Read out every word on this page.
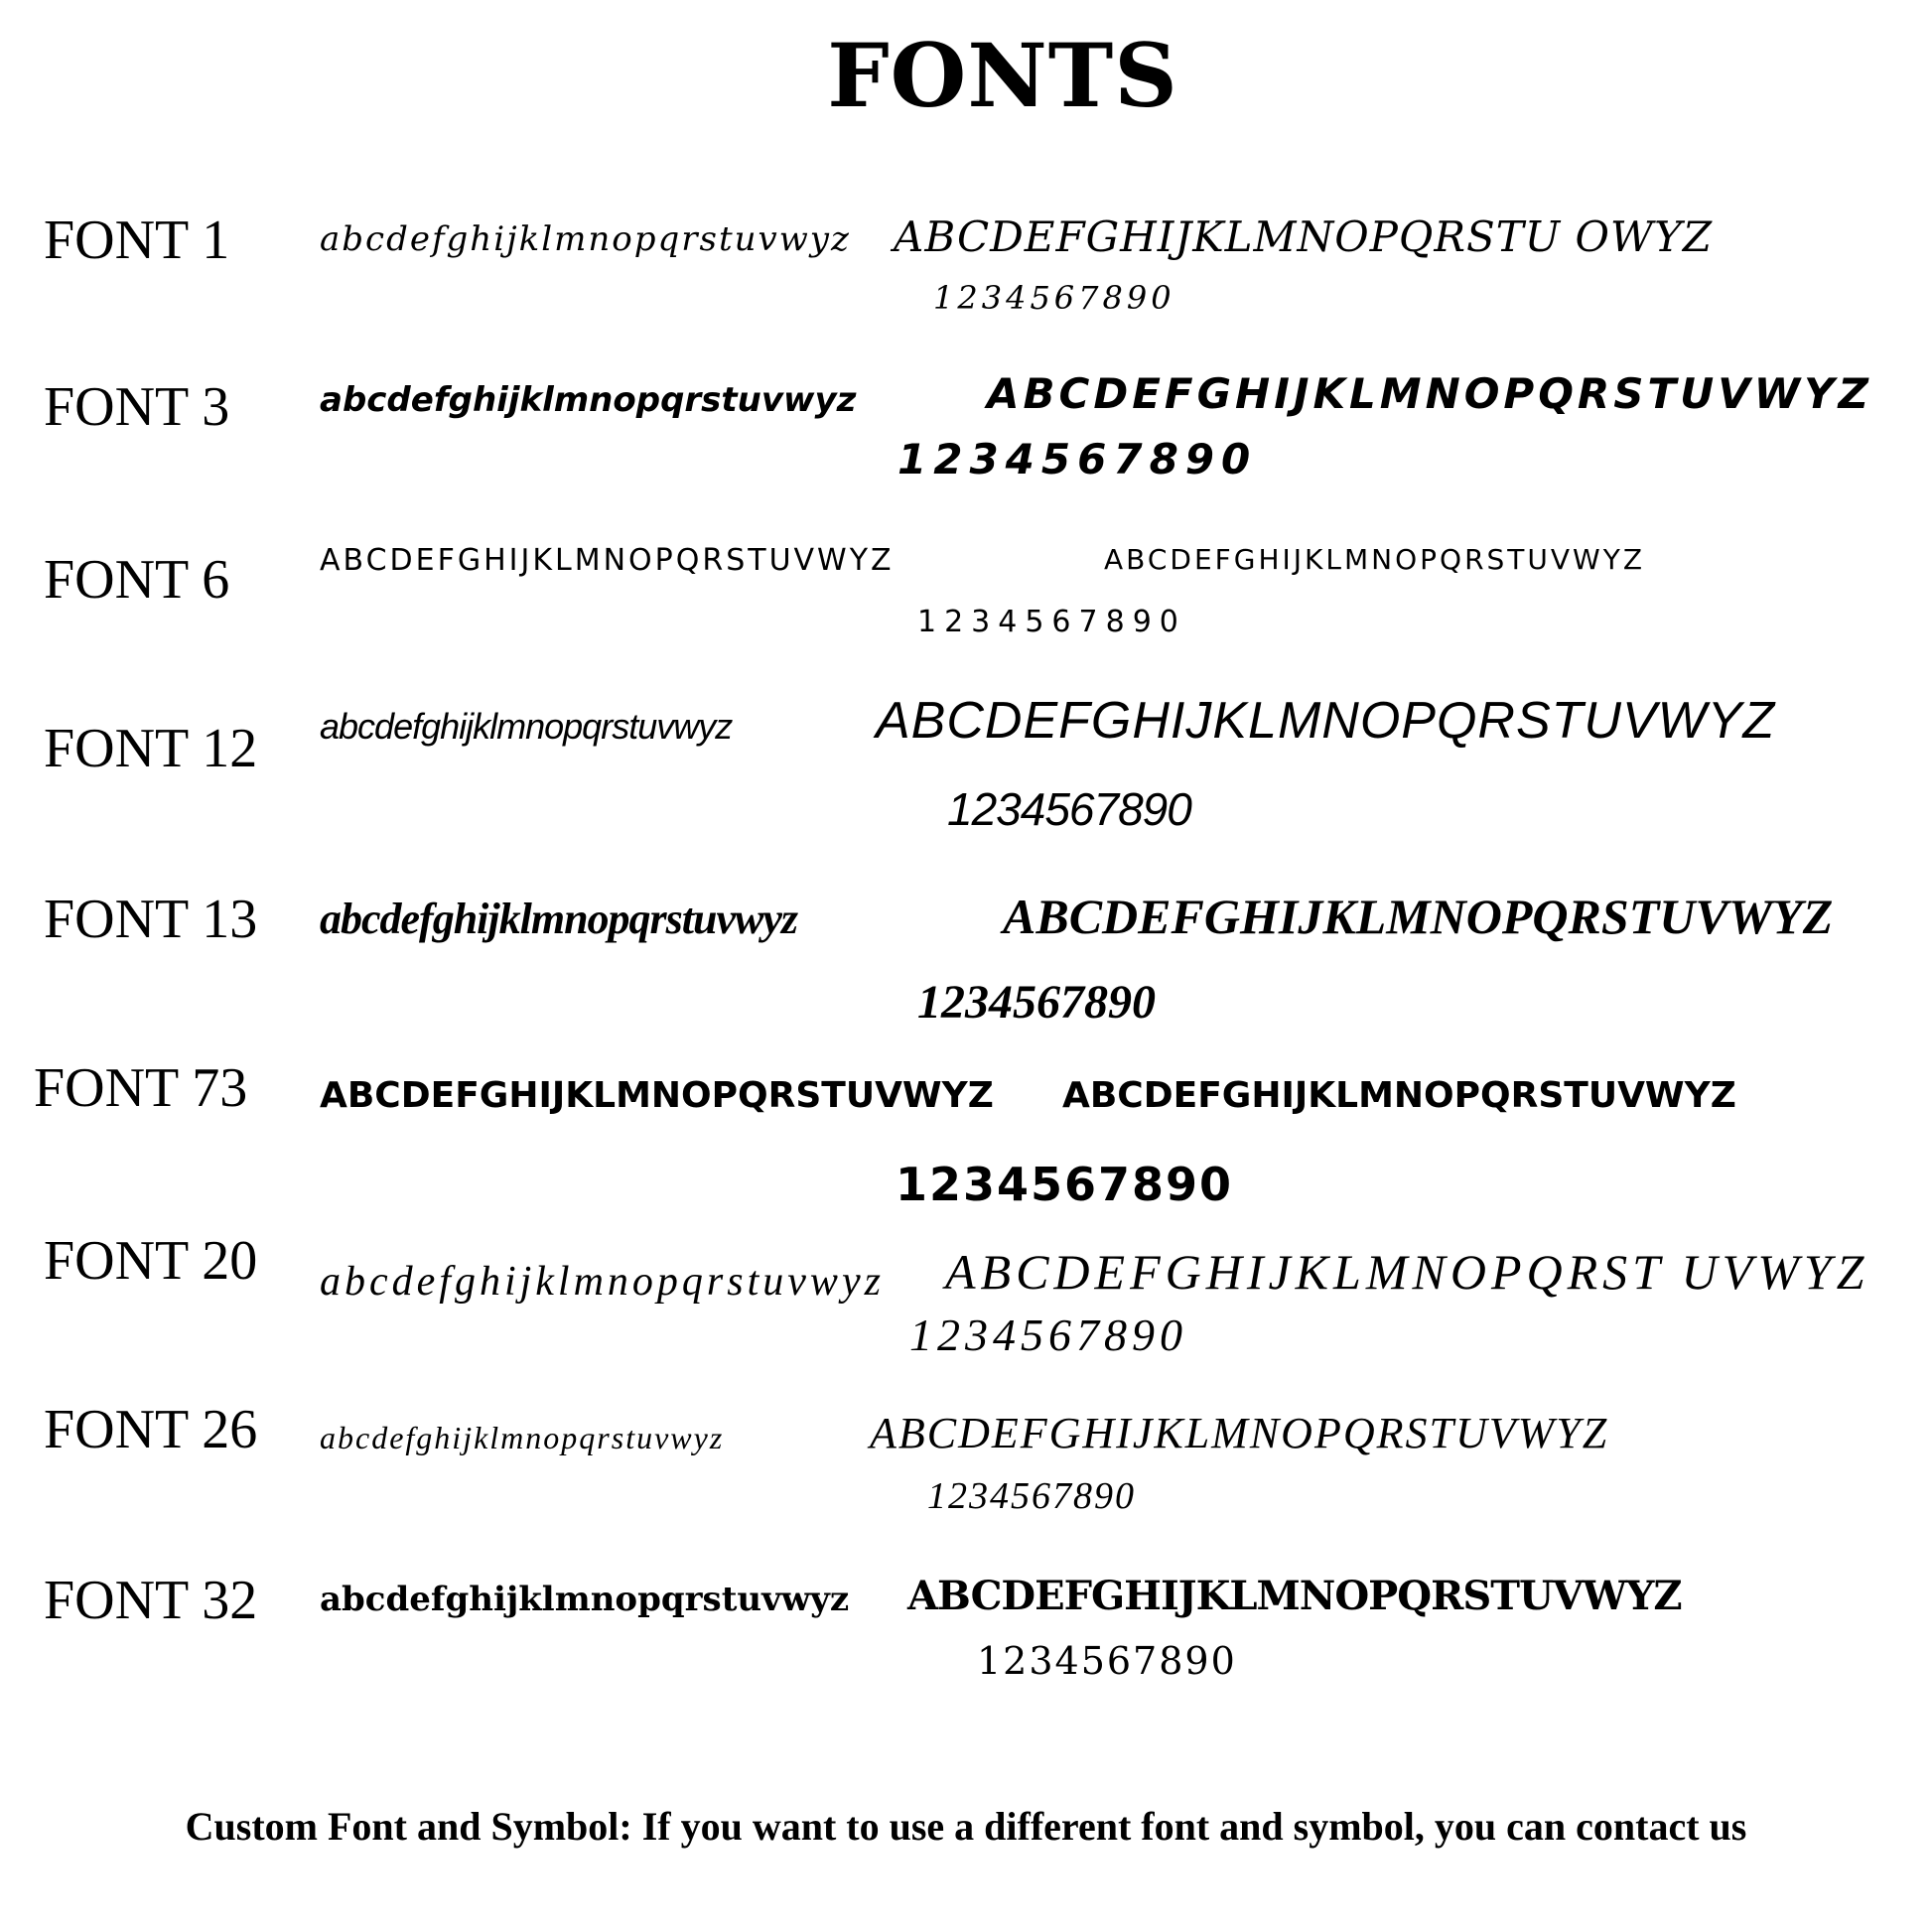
FONTS
FONT 1	abcdefghijklmnopqrstuvwyz ABCDEFGHIJKLMNOPQRSTU OWYZ
1234567890
FONT 3	abcdefghijklmnopqrstuvwyz	ABCDEFGHIJKLMNOPQRSTUVWYZ
1234567890
FONT 6	ABCDEFGHIJKLMNOPQRSTUVWYZ	ABCDEFGHIJKLMNOPQRSTUVWYZ
1234567890
FONT 12 abcdefghijklmnopqrstuvwyz	ABCDEFGHIJKLMNOPQRSTUVWYZ
1234567890
FONT 13 abcdefghijklmnopqrstuvwyz	ABCDEFGHIJKLMNOPQRSTUVWYZ
1234567890
FONT 73 ABCDEFGHIJKLMNOPQRSTUVWYZ ABCDEFGHIJKLMNOPQRSTUVWYZ
1234567890
FONT 20 abcdefghijklmnopqrstuvwyz ABCDEFGHIJKLMNOPQRST UVWYZ
1234567890
FONT 26 abcdefghijklmnopqrstuvwyz	ABCDEFGHIJKLMNOPQRSTUVWYZ
1234567890
FONT 32 abcdefghijklmnopqrstuvwyz ABCDEFGHIJKLMNOPQRSTUVWYZ
1234567890
Custom Font and Symbol: If you want to use a different font and symbol, you can contact us
